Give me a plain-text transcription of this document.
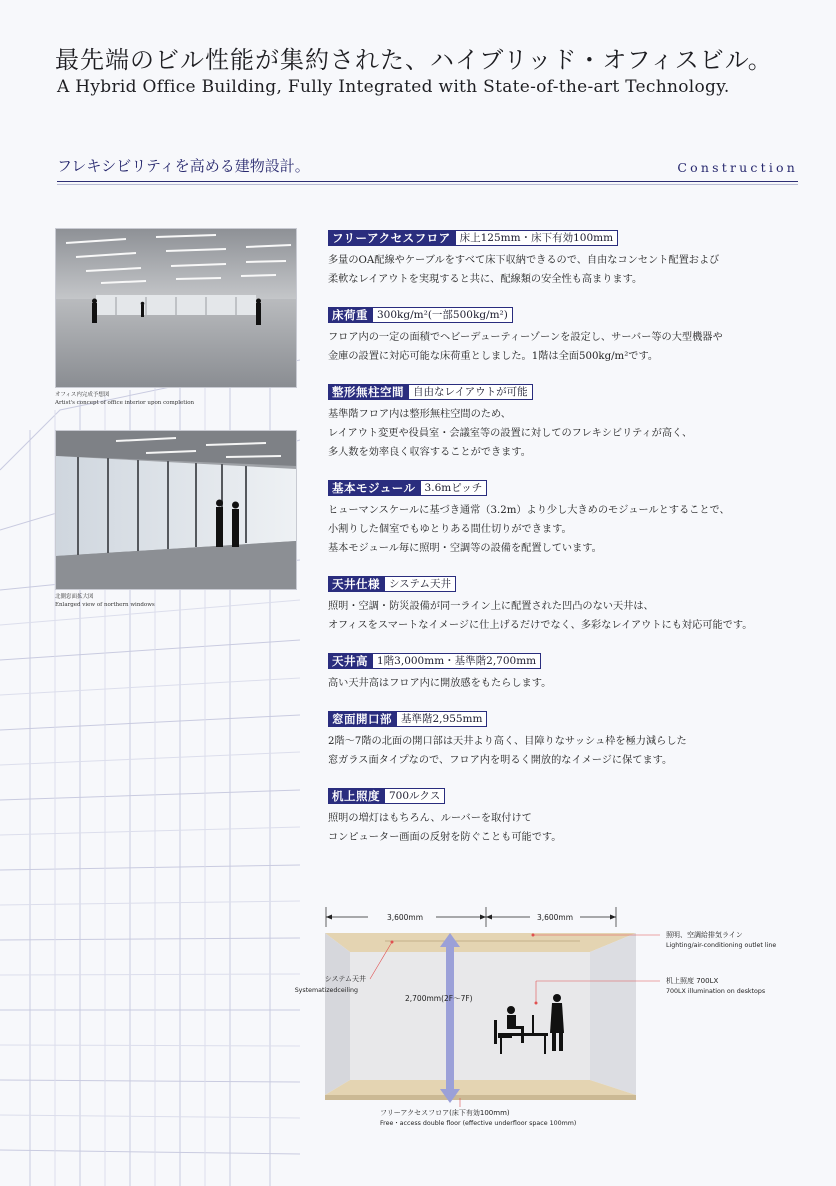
最先端のビル性能が集約された、ハイブリッド・オフィスビル。
A Hybrid Office Building, Fully Integrated with State-of-the-art Technology.
フレキシビリティを高める建物設計。	Construction
オフィス内完成予想図
Artist's concept of office interior upon completion
北側窓面拡大図
Enlarged view of northern windows
フリーアクセスフロア 床上125mm・床下有効100mm
多量のOA配線やケーブルをすべて床下収納できるので、自由なコンセント配置および
柔軟なレイアウトを実現すると共に、配線類の安全性も高まります。
床荷重 300kg/m²(一部500kg/m²)
フロア内の一定の面積でヘビーデューティーゾーンを設定し、サーバー等の大型機器や
金庫の設置に対応可能な床荷重としました。1階は全面500kg/m²です。
整形無柱空間 自由なレイアウトが可能
基準階フロア内は整形無柱空間のため、
レイアウト変更や役員室・会議室等の設置に対してのフレキシビリティが高く、
多人数を効率良く収容することができます。
基本モジュール 3.6mピッチ
ヒューマンスケールに基づき通常（3.2m）より少し大きめのモジュールとすることで、
小割りした個室でもゆとりある間仕切りができます。
基本モジュール毎に照明・空調等の設備を配置しています。
天井仕様 システム天井
照明・空調・防災設備が同一ライン上に配置された凹凸のない天井は、
オフィスをスマートなイメージに仕上げるだけでなく、多彩なレイアウトにも対応可能です。
天井高 1階3,000mm・基準階2,700mm
高い天井高はフロア内に開放感をもたらします。
窓面開口部 基準階2,955mm
2階〜7階の北面の開口部は天井より高く、目障りなサッシュ枠を極力減らした
窓ガラス面タイプなので、フロア内を明るく開放的なイメージに保てます。
机上照度 700ルクス
照明の増灯はもちろん、ルーバーを取付けて
コンピューター画面の反射を防ぐことも可能です。
3,600mm	3,600mm
2,700mm(2F〜7F)
机上照度 700LX
700LX illumination on desktops
照明、空調給排気ライン
Lighting/air-conditioning outlet line
システム天井
Systematizedceiling
フリーアクセスフロア(床下有効100mm)
Free・access double floor (effective underfloor space 100mm)
